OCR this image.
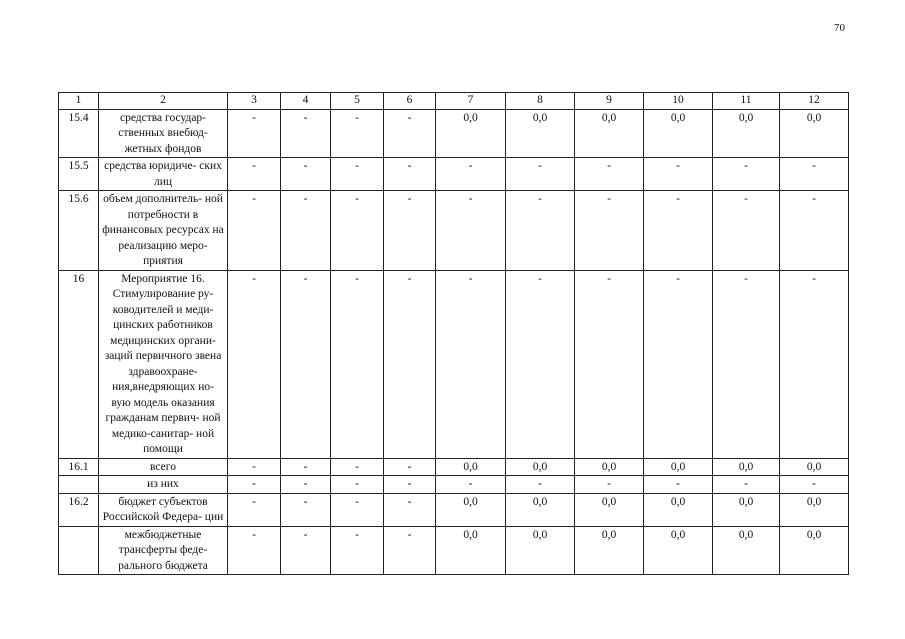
70
1	2	3	4	5	6	7	8	9	10	11	12
15.4	средства государ- ственных внебюд- жетных фондов	-	-	-	-	0,0	0,0	0,0	0,0	0,0	0,0
15.5	средства юридиче- ских лиц	-	-	-	-	-	-	-	-	-	-
15.6	объем дополнитель- ной потребности в финансовых ресурсах на реализацию меро- приятия	-	-	-	-	-	-	-	-	-	-
16	Мероприятие 16. Стимулирование ру- ководителей и меди- цинских работников медицинских органи- заций первичного звена здравоохране- ния,внедряющих но- вую модель оказания гражданам первич- ной медико-санитар- ной помощи	-	-	-	-	-	-	-	-	-	-
16.1	всего	-	-	-	-	0,0	0,0	0,0	0,0	0,0	0,0
	из них	-	-	-	-	-	-	-	-	-	-
16.2	бюджет субъектов Российской Федера- ции	-	-	-	-	0,0	0,0	0,0	0,0	0,0	0,0
	межбюджетные трансферты феде- рального бюджета	-	-	-	-	0,0	0,0	0,0	0,0	0,0	0,0
